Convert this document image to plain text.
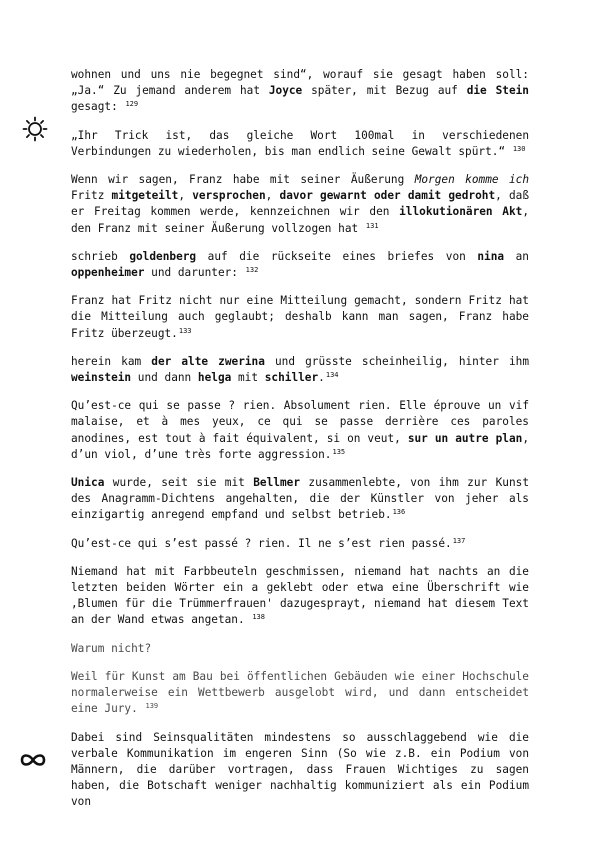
wohnen und uns nie begegnet sind“, worauf sie gesagt haben soll: „Ja.“ Zu jemand anderem hat Joyce später, mit Bezug auf die Stein gesagt: $^{129}$

„Ihr Trick ist, das gleiche Wort 100mal in verschiedenen Verbindungen zu wiederholen, bis man endlich seine Gewalt spürt.“ $^{130}$

Wenn wir sagen, Franz habe mit seiner Äußerung Morgen komme ich Fritz mitgeteilt, versprochen, davor gewarnt oder damit gedroht, daß er Freitag kommen werde, kennzeichnen wir den illokutionären Akt, den Franz mit seiner Äußerung vollzogen hat $^{131}$

schrieb goldenberg auf die rückseite eines briefes von nina an oppenheimer und darunter: $^{132}$

Franz hat Fritz nicht nur eine Mitteilung gemacht, sondern Fritz hat die Mitteilung auch geglaubt; deshalb kann man sagen, Franz habe Fritz überzeugt.$^{133}$

herein kam der alte zwerina und grüsste scheinheilig, hinter ihm weinstein und dann helga mit schiller.$^{134}$

Qu’est-ce qui se passe ? rien. Absolument rien. Elle éprouve un vif malaise, et à mes yeux, ce qui se passe derrière ces paroles anodines, est tout à fait équivalent, si on veut, sur un autre plan, d’un viol, d’une très forte aggression.$^{135}$

Unica wurde, seit sie mit Bellmer zusammenlebte, von ihm zur Kunst des Anagramm-Dichtens angehalten, die der Künstler von jeher als einzigartig anregend empfand und selbst betrieb.$^{136}$

Qu’est-ce qui s’est passé ? rien. Il ne s’est rien passé.$^{137}$

Niemand hat mit Farbbeuteln geschmissen, niemand hat nachts an die letzten beiden Wörter ein a geklebt oder etwa eine Überschrift wie ‚Blumen für die Trümmerfrauen' dazugesprayt, niemand hat diesem Text an der Wand etwas angetan. $^{138}$

Warum nicht?

Weil für Kunst am Bau bei öffentlichen Gebäuden wie einer Hochschule normalerweise ein Wettbewerb ausgelobt wird, und dann entscheidet eine Jury. $^{139}$

Dabei sind Seinsqualitäten mindestens so ausschlaggebend wie die verbale Kommunikation im engeren Sinn (So wie z.B. ein Podium von Männern, die darüber vortragen, dass Frauen Wichtiges zu sagen haben, die Botschaft weniger nachhaltig kommuniziert als ein Podium von
